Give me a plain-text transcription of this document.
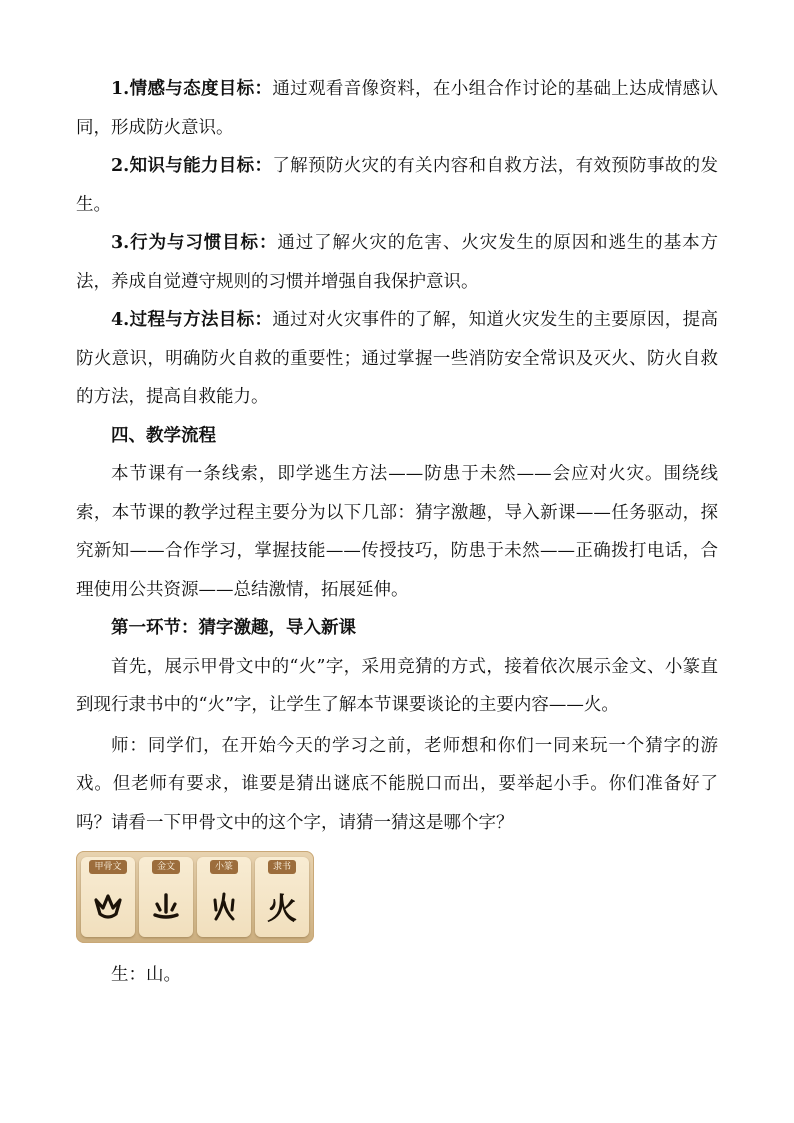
1.情感与态度目标：通过观看音像资料，在小组合作讨论的基础上达成情感认同，形成防火意识。

2.知识与能力目标：了解预防火灾的有关内容和自救方法，有效预防事故的发生。

3.行为与习惯目标：通过了解火灾的危害、火灾发生的原因和逃生的基本方法，养成自觉遵守规则的习惯并增强自我保护意识。

4.过程与方法目标：通过对火灾事件的了解，知道火灾发生的主要原因，提高防火意识，明确防火自救的重要性；通过掌握一些消防安全常识及灭火、防火自救的方法，提高自救能力。

四、教学流程

本节课有一条线索，即学逃生方法——防患于未然——会应对火灾。围绕线索，本节课的教学过程主要分为以下几部：猜字激趣，导入新课——任务驱动，探究新知——合作学习，掌握技能——传授技巧，防患于未然——正确拨打电话，合理使用公共资源——总结激情，拓展延伸。

第一环节：猜字激趣，导入新课

首先，展示甲骨文中的“火”字，采用竞猜的方式，接着依次展示金文、小篆直到现行隶书中的“火”字，让学生了解本节课要谈论的主要内容——火。

师：同学们，在开始今天的学习之前，老师想和你们一同来玩一个猜字的游戏。但老师有要求，谁要是猜出谜底不能脱口而出，要举起小手。你们准备好了吗？请看一下甲骨文中的这个字，请猜一猜这是哪个字？

甲骨文	金文	小篆	隶书
火

生：山。
